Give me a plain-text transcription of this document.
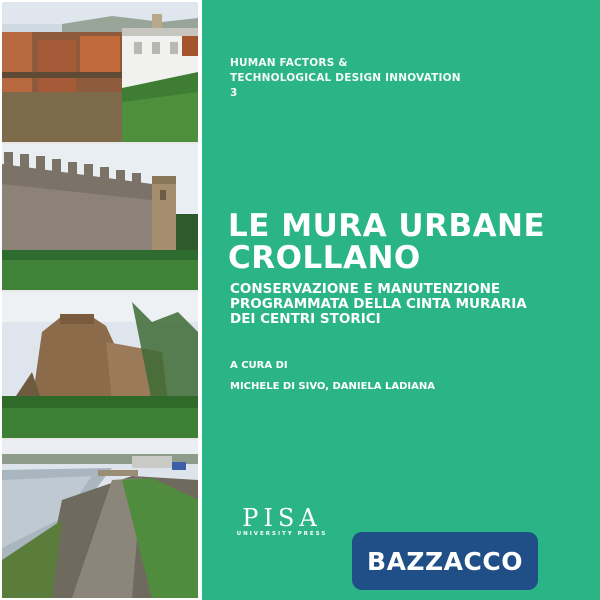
HUMAN FACTORS &
TECHNOLOGICAL DESIGN INNOVATION
3
LE MURA URBANE
CROLLANO
CONSERVAZIONE E MANUTENZIONE
PROGRAMMATA DELLA CINTA MURARIA
DEI CENTRI STORICI
A CURA DI
MICHELE DI SIVO, DANIELA LADIANA
PISA
UNIVERSITY PRESS
BAZZACCO
